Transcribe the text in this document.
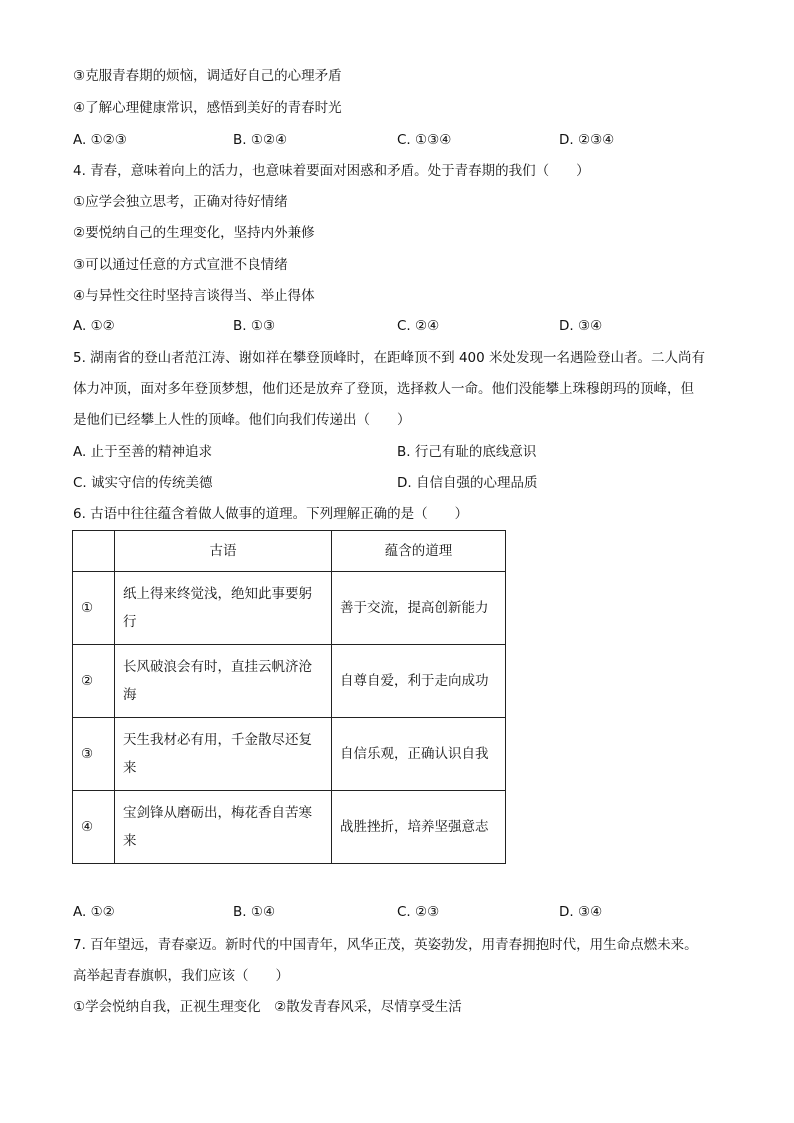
③克服青春期的烦恼，调适好自己的心理矛盾
④了解心理健康常识，感悟到美好的青春时光
A. ①②③	B. ①②④	C. ①③④	D. ②③④
4. 青春，意味着向上的活力，也意味着要面对困惑和矛盾。处于青春期的我们（　　）
①应学会独立思考，正确对待好情绪
②要悦纳自己的生理变化，坚持内外兼修
③可以通过任意的方式宣泄不良情绪
④与异性交往时坚持言谈得当、举止得体
A. ①②	B. ①③	C. ②④	D. ③④
5. 湖南省的登山者范江涛、谢如祥在攀登顶峰时，在距峰顶不到 400 米处发现一名遇险登山者。二人尚有
体力冲顶，面对多年登顶梦想，他们还是放弃了登顶，选择救人一命。他们没能攀上珠穆朗玛的顶峰，但
是他们已经攀上人性的顶峰。他们向我们传递出（　　）
A. 止于至善的精神追求	B. 行己有耻的底线意识
C. 诚实守信的传统美德	D. 自信自强的心理品质
6. 古语中往往蕴含着做人做事的道理。下列理解正确的是（　　）
	古语	蕴含的道理
①	纸上得来终觉浅，绝知此事要躬行	善于交流，提高创新能力
②	长风破浪会有时，直挂云帆济沧海	自尊自爱，利于走向成功
③	天生我材必有用，千金散尽还复来	自信乐观，正确认识自我
④	宝剑锋从磨砺出，梅花香自苦寒来	战胜挫折，培养坚强意志
A. ①②	B. ①④	C. ②③	D. ③④
7. 百年望远，青春豪迈。新时代的中国青年，风华正茂，英姿勃发，用青春拥抱时代，用生命点燃未来。
高举起青春旗帜，我们应该（　　）
①学会悦纳自我，正视生理变化　②散发青春风采，尽情享受生活
